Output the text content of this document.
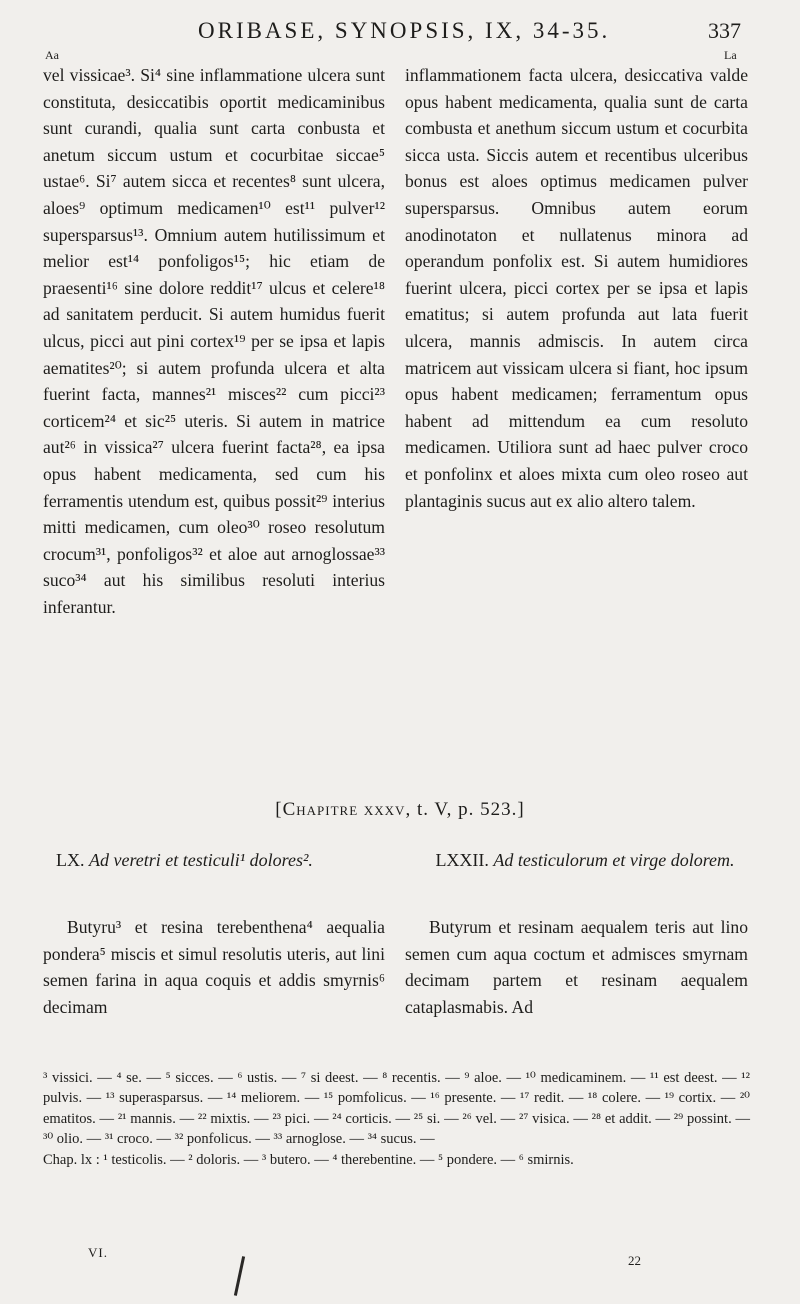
ORIBASE, SYNOPSIS, IX, 34-35.	337
Aa	La

vel vissicae³. Si⁴ sine inflammatione ulcera sunt constituta, desiccatibis oportit medicaminibus sunt curandi, qualia sunt carta conbusta et anetum siccum ustum et cocurbitae siccae⁵ ustae⁶. Si⁷ autem sicca et recentes⁸ sunt ulcera, aloes⁹ optimum medicamen¹⁰ est¹¹ pulver¹² supersparsus¹³. Omnium autem hutilissimum et melior est¹⁴ ponfoligos¹⁵; hic etiam de praesenti¹⁶ sine dolore reddit¹⁷ ulcus et celere¹⁸ ad sanitatem perducit. Si autem humidus fuerit ulcus, picci aut pini cortex¹⁹ per se ipsa et lapis aematites²⁰; si autem profunda ulcera et alta fuerint facta, mannes²¹ misces²² cum picci²³ corticem²⁴ et sic²⁵ uteris. Si autem in matrice aut²⁶ in vissica²⁷ ulcera fuerint facta²⁸, ea ipsa opus habent medicamenta, sed cum his ferramentis utendum est, quibus possit²⁹ interius mitti medicamen, cum oleo³⁰ roseo resolutum crocum³¹, ponfoligos³² et aloe aut arnoglossae³³ suco³⁴ aut his similibus resoluti interius inferantur.

inflammationem facta ulcera, desiccativa valde opus habent medicamenta, qualia sunt de carta combusta et anethum siccum ustum et cocurbita sicca usta. Siccis autem et recentibus ulceribus bonus est aloes optimus medicamen pulver supersparsus. Omnibus autem eorum anodinotaton et nullatenus minora ad operandum ponfolix est. Si autem humidiores fuerint ulcera, picci cortex per se ipsa et lapis ematitus; si autem profunda aut lata fuerit ulcera, mannis admiscis. In autem circa matricem aut vissicam ulcera si fiant, hoc ipsum opus habent medicamen; ferramentum opus habent ad mittendum ea cum resoluto medicamen. Utiliora sunt ad haec pulver croco et ponfolinx et aloes mixta cum oleo roseo aut plantaginis sucus aut ex alio altero talem.

[Chapitre xxxv, t. V, p. 523.]
LX. Ad veretri et testiculi¹ dolores².	LXXII. Ad testiculorum et virge dolorem.

Butyru³ et resina terebenthena⁴ aequalia pondera⁵ miscis et simul resolutis uteris, aut lini semen farina in aqua coquis et addis smyrnis⁶ decimam

Butyrum et resinam aequalem teris aut lino semen cum aqua coctum et admisces smyrnam decimam partem et resinam aequalem cataplasmabis. Ad

³ vissici. — ⁴ se. — ⁵ sicces. — ⁶ ustis. — ⁷ si deest. — ⁸ recentis. — ⁹ aloe. — ¹⁰ medicaminem. — ¹¹ est deest. — ¹² pulvis. — ¹³ superasparsus. — ¹⁴ meliorem. — ¹⁵ pomfolicus. — ¹⁶ presente. — ¹⁷ redit. — ¹⁸ colere. — ¹⁹ cortix. — ²⁰ ematitos. — ²¹ mannis. — ²² mixtis. — ²³ pici. — ²⁴ corticis. — ²⁵ si. — ²⁶ vel. — ²⁷ visica. — ²⁸ et addit. — ²⁹ possint. — ³⁰ olio. — ³¹ croco. — ³² ponfolicus. — ³³ arnoglose. — ³⁴ sucus. —

Chap. lx : ¹ testicolis. — ² doloris. — ³ butero. — ⁴ therebentine. — ⁵ pondere. — ⁶ smirnis.

VI.
22
